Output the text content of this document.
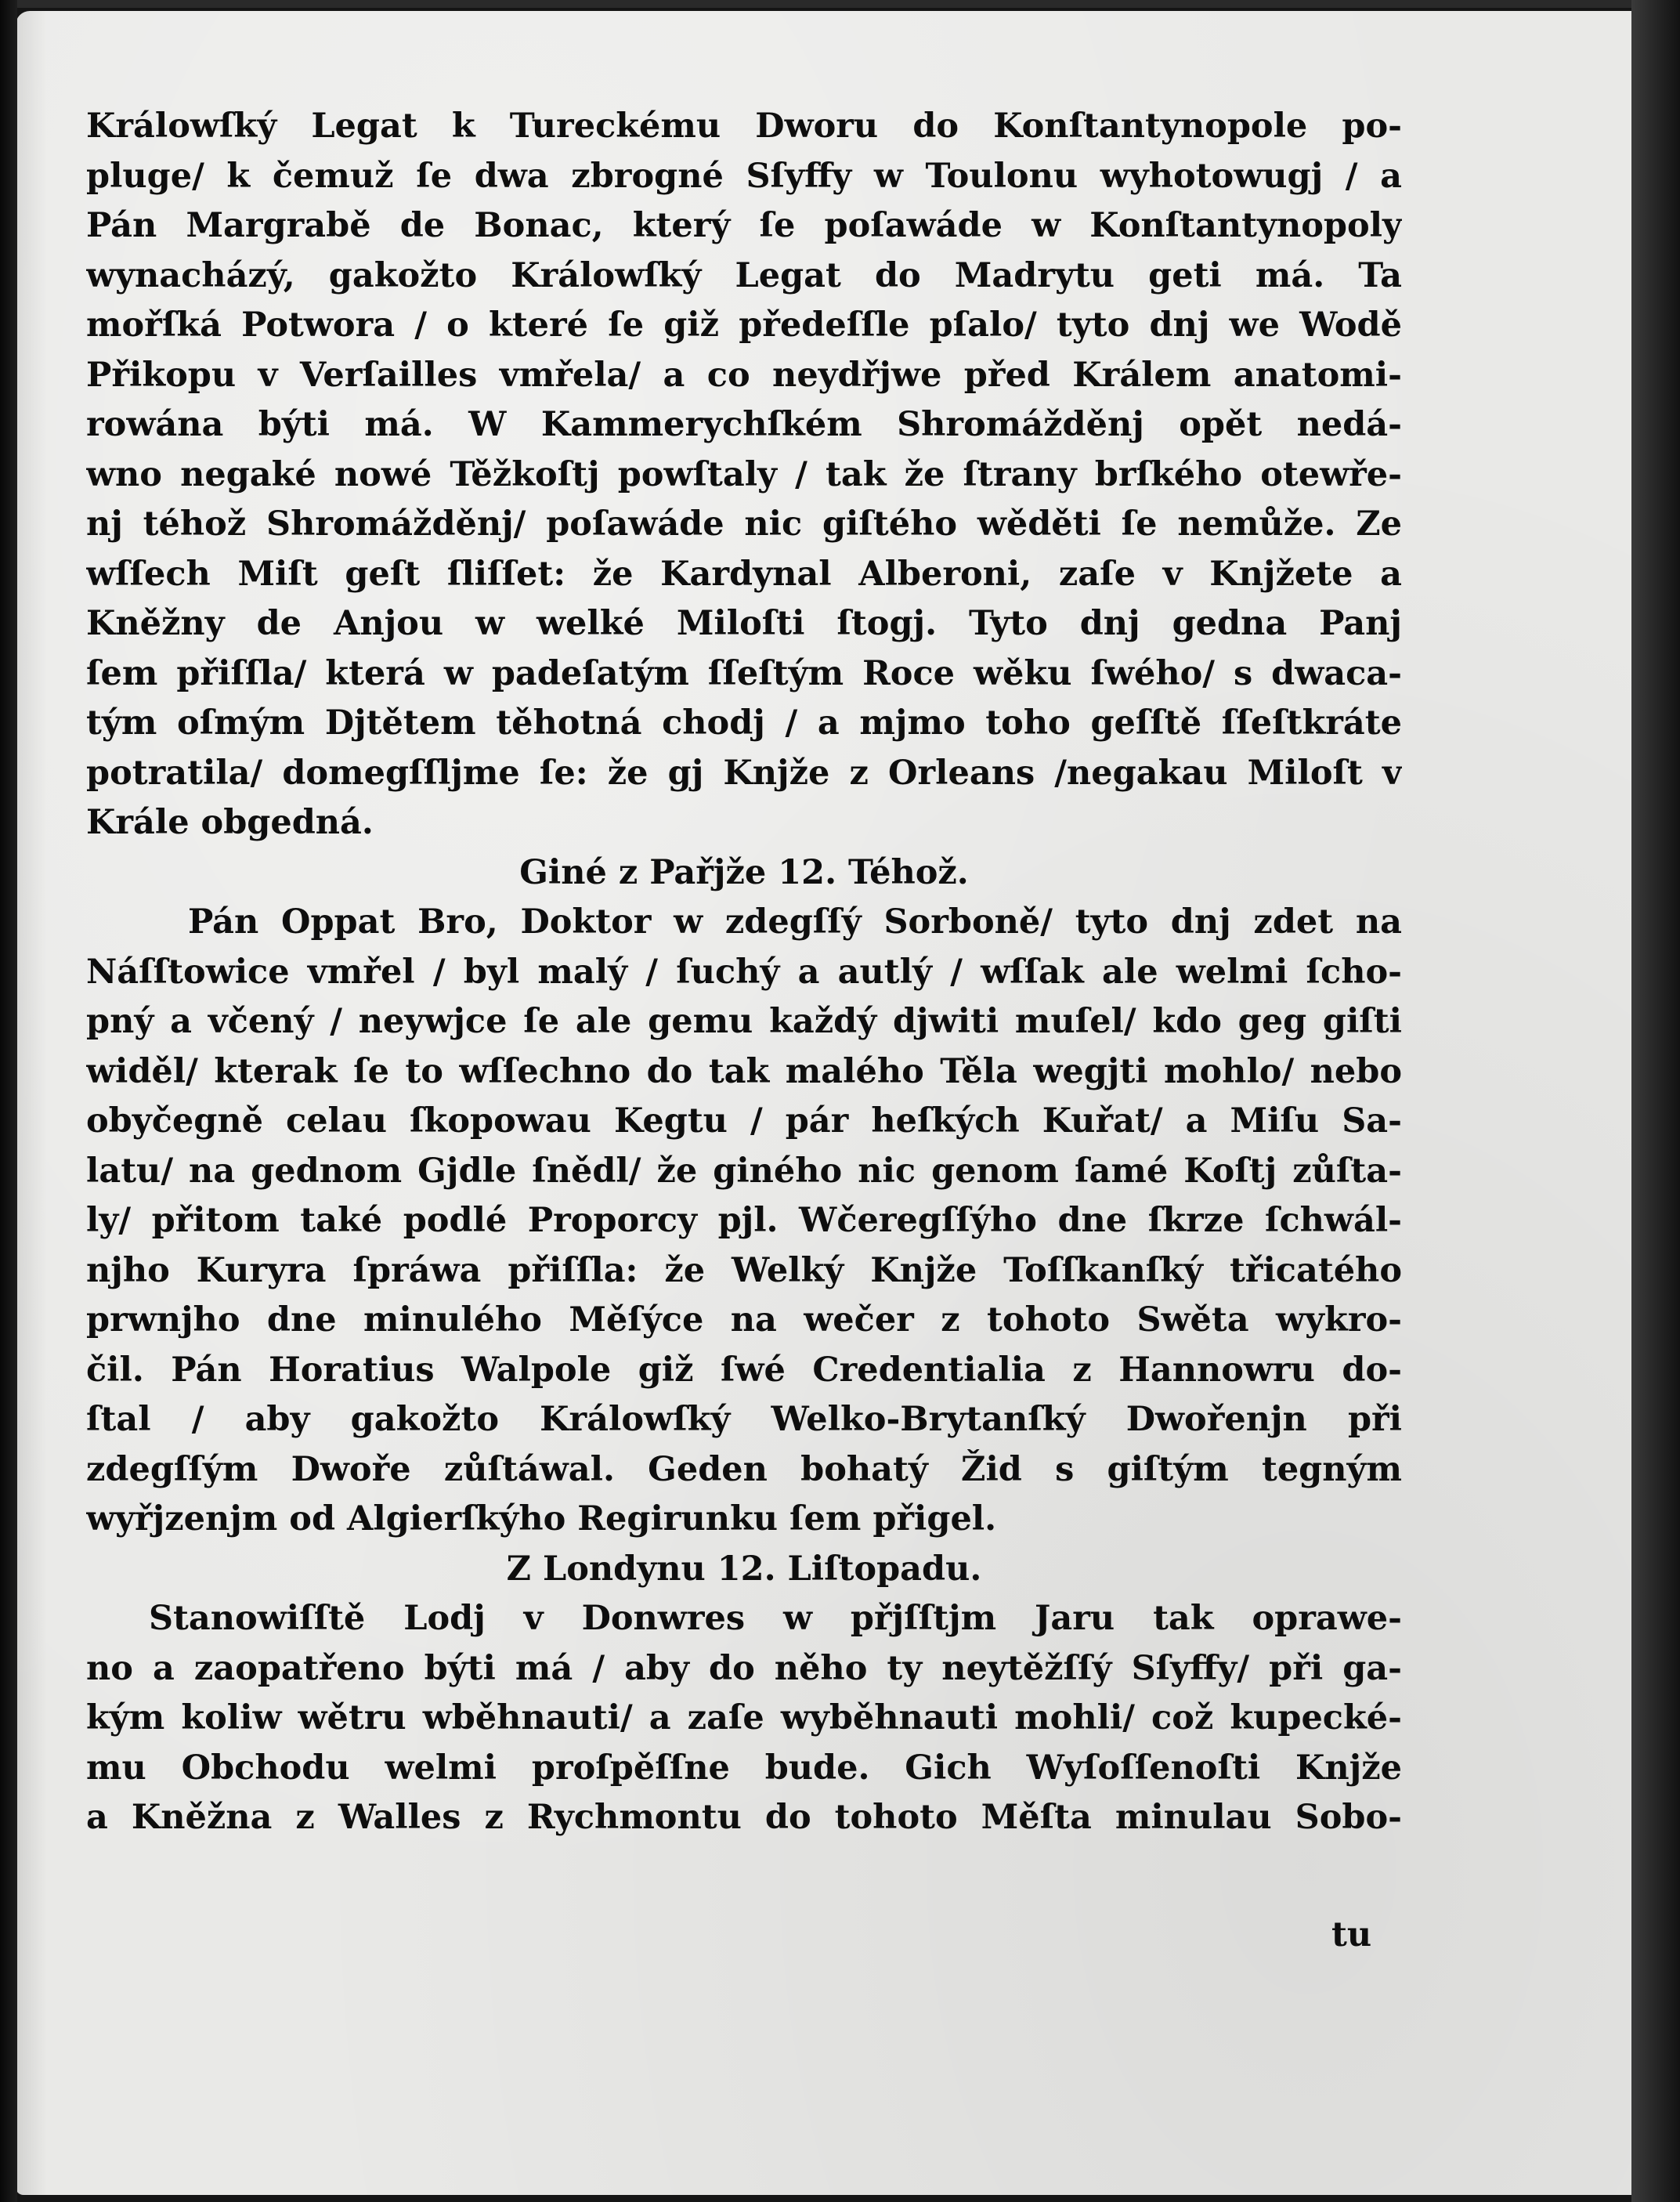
Králowſký Legat k Tureckému Dworu do Konſtantynopole po-
pluge/ k čemuž ſe dwa zbrogné Sſyffy w Toulonu wyhotowugj / a
Pán Margrabě de Bonac, který ſe poſawáde w Konſtantynopoly
wynacházý, gakožto Králowſký Legat do Madrytu geti má. Ta
mořſká Potwora / o které ſe giž předeſſle pſalo/ tyto dnj we Wodě
Přikopu v Verſailles vmřela/ a co neydřjwe před Králem anatomi-
rowána býti má. W Kammerychſkém Shromážděnj opět nedá-
wno negaké nowé Těžkoſtj powſtaly / tak že ſtrany brſkého otewře-
nj téhož Shromážděnj/ poſawáde nic giſtého wěděti ſe nemůže. Ze
wſſech Miſt geſt ſliſſet: že Kardynal Alberoni, zaſe v Knjžete a
Kněžny de Anjou w welké Miloſti ſtogj. Tyto dnj gedna Panj
ſem přiſſla/ která w padeſatým ſſeſtým Roce wěku ſwého/ s dwaca-
tým oſmým Djtětem těhotná chodj / a mjmo toho geſſtě ſſeſtkráte
potratila/ domegſſljme ſe: že gj Knjže z Orleans /negakau Miloſt v
Krále obgedná.
Giné z Pařjže 12. Téhož.
Pán Oppat Bro, Doktor w zdegſſý Sorboně/ tyto dnj zdet na
Náſſtowice vmřel / byl malý / ſuchý a autlý / wſſak ale welmi ſcho-
pný a včený / neywjce ſe ale gemu každý djwiti muſel/ kdo geg giſti
widěl/ kterak ſe to wſſechno do tak malého Těla wegjti mohlo/ nebo
obyčegně celau ſkopowau Kegtu / pár heſkých Kuřat/ a Miſu Sa-
latu/ na gednom Gjdle ſnědl/ že giného nic genom ſamé Koſtj zůſta-
ly/ přitom také podlé Proporcy pjl. Wčeregſſýho dne ſkrze ſchwál-
njho Kuryra ſpráwa přiſſla: že Welký Knjže Toſſkanſký třicatého
prwnjho dne minulého Měſýce na wečer z tohoto Swěta wykro-
čil. Pán Horatius Walpole giž ſwé Credentialia z Hannowru do-
ſtal / aby gakožto Králowſký Welko-Brytanſký Dwořenjn při
zdegſſým Dwoře zůſtáwal. Geden bohatý Žid s giſtým tegným
wyřjzenjm od Algierſkýho Regirunku ſem přigel.
Z Londynu 12. Liſtopadu.
Stanowiſſtě Lodj v Donwres w přjſſtjm Jaru tak oprawe-
no a zaopatřeno býti má / aby do něho ty neytěžſſý Sſyffy/ při ga-
kým koliw wětru wběhnauti/ a zaſe wyběhnauti mohli/ což kupecké-
mu Obchodu welmi proſpěſſne bude. Gich Wyſoſſenoſti Knjže
a Kněžna z Walles z Rychmontu do tohoto Měſta minulau Sobo-
tu
